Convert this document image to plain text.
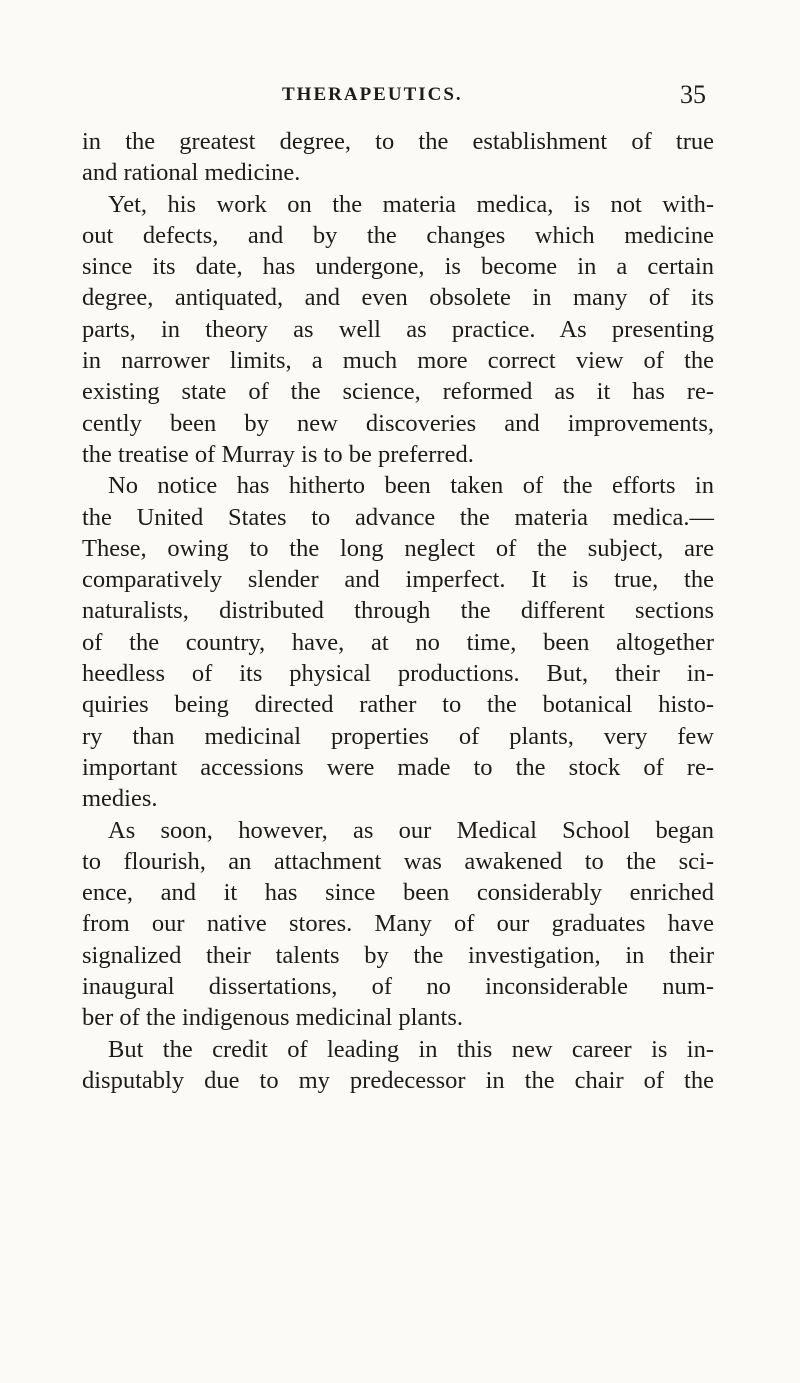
THERAPEUTICS.	35
in the greatest degree, to the establishment of true
and rational medicine.
Yet, his work on the materia medica, is not with-
out defects, and by the changes which medicine
since its date, has undergone, is become in a certain
degree, antiquated, and even obsolete in many of its
parts, in theory as well as practice. As presenting
in narrower limits, a much more correct view of the
existing state of the science, reformed as it has re-
cently been by new discoveries and improvements,
the treatise of Murray is to be preferred.
No notice has hitherto been taken of the efforts in
the United States to advance the materia medica.—
These, owing to the long neglect of the subject, are
comparatively slender and imperfect. It is true, the
naturalists, distributed through the different sections
of the country, have, at no time, been altogether
heedless of its physical productions. But, their in-
quiries being directed rather to the botanical histo-
ry than medicinal properties of plants, very few
important accessions were made to the stock of re-
medies.
As soon, however, as our Medical School began
to flourish, an attachment was awakened to the sci-
ence, and it has since been considerably enriched
from our native stores. Many of our graduates have
signalized their talents by the investigation, in their
inaugural dissertations, of no inconsiderable num-
ber of the indigenous medicinal plants.
But the credit of leading in this new career is in-
disputably due to my predecessor in the chair of the
